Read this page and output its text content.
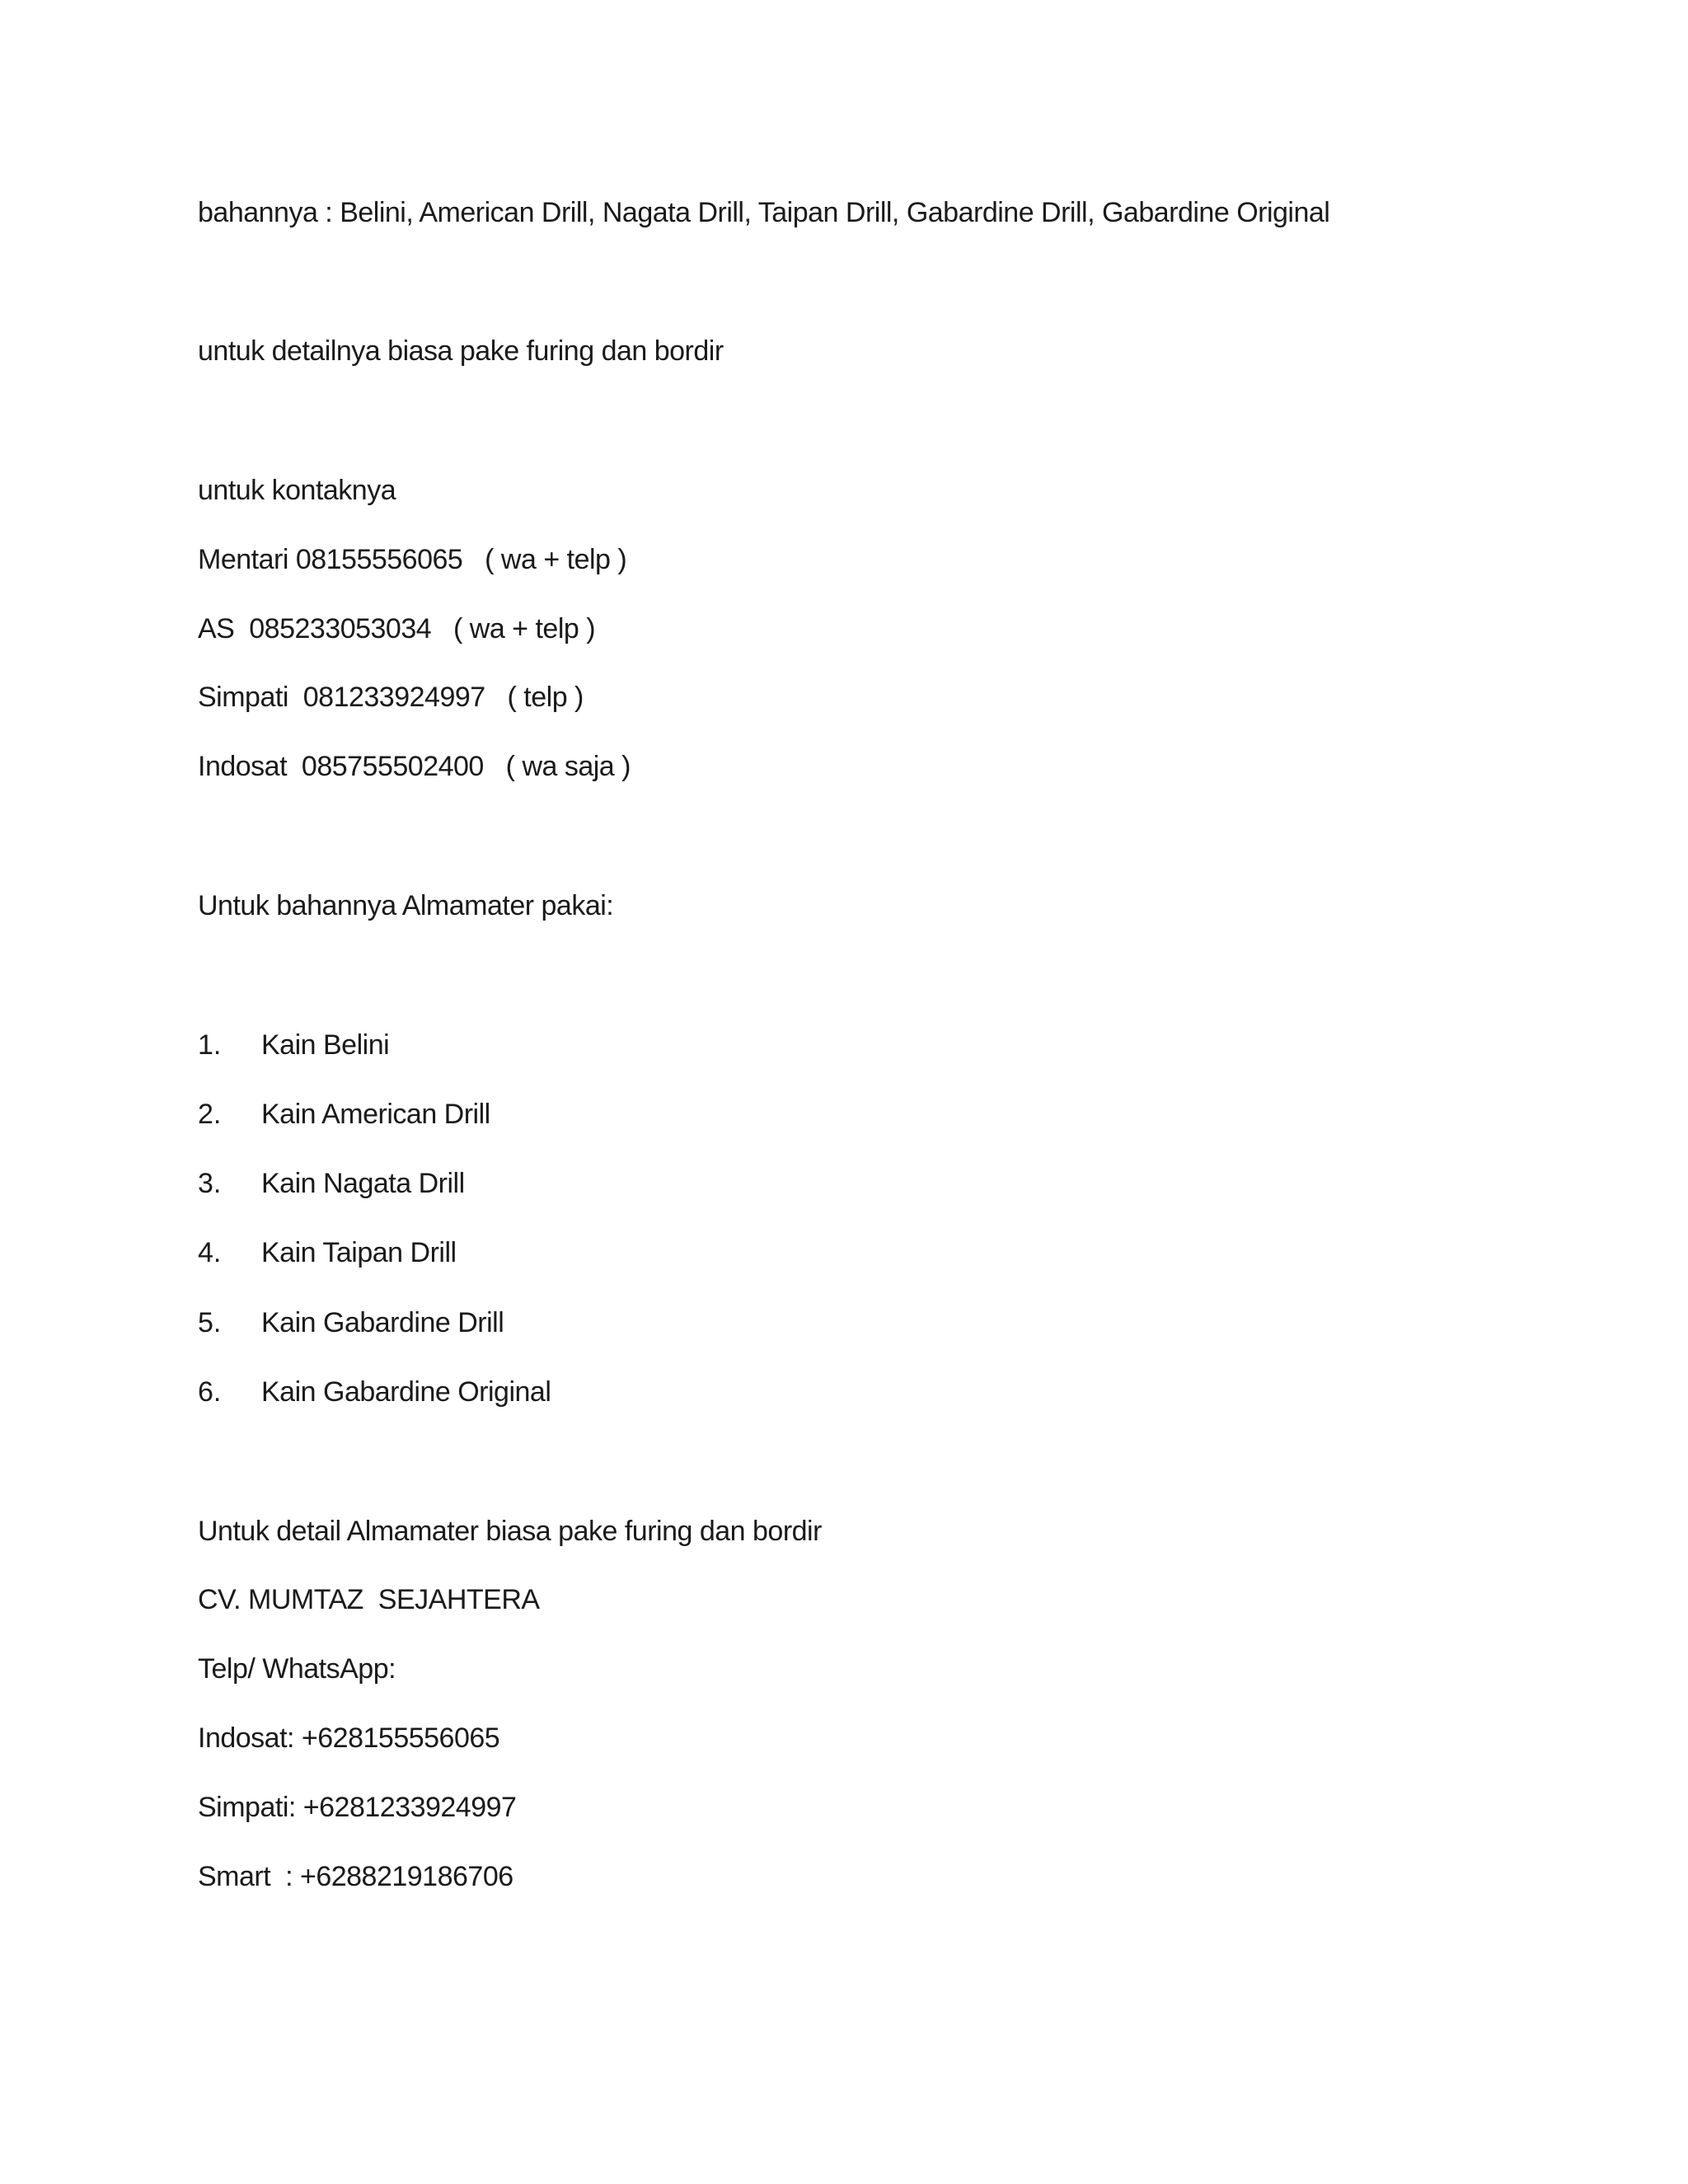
bahannya : Belini, American Drill, Nagata Drill, Taipan Drill, Gabardine Drill, Gabardine Original
untuk detailnya biasa pake furing dan bordir
untuk kontaknya
Mentari 08155556065   ( wa + telp )
AS  085233053034   ( wa + telp )
Simpati  081233924997   ( telp )
Indosat  085755502400   ( wa saja )
Untuk bahannya Almamater pakai:
1. Kain Belini
2. Kain American Drill
3. Kain Nagata Drill
4. Kain Taipan Drill
5. Kain Gabardine Drill
6. Kain Gabardine Original
Untuk detail Almamater biasa pake furing dan bordir
CV. MUMTAZ  SEJAHTERA
Telp/ WhatsApp:
Indosat: +628155556065
Simpati: +6281233924997
Smart  : +6288219186706
